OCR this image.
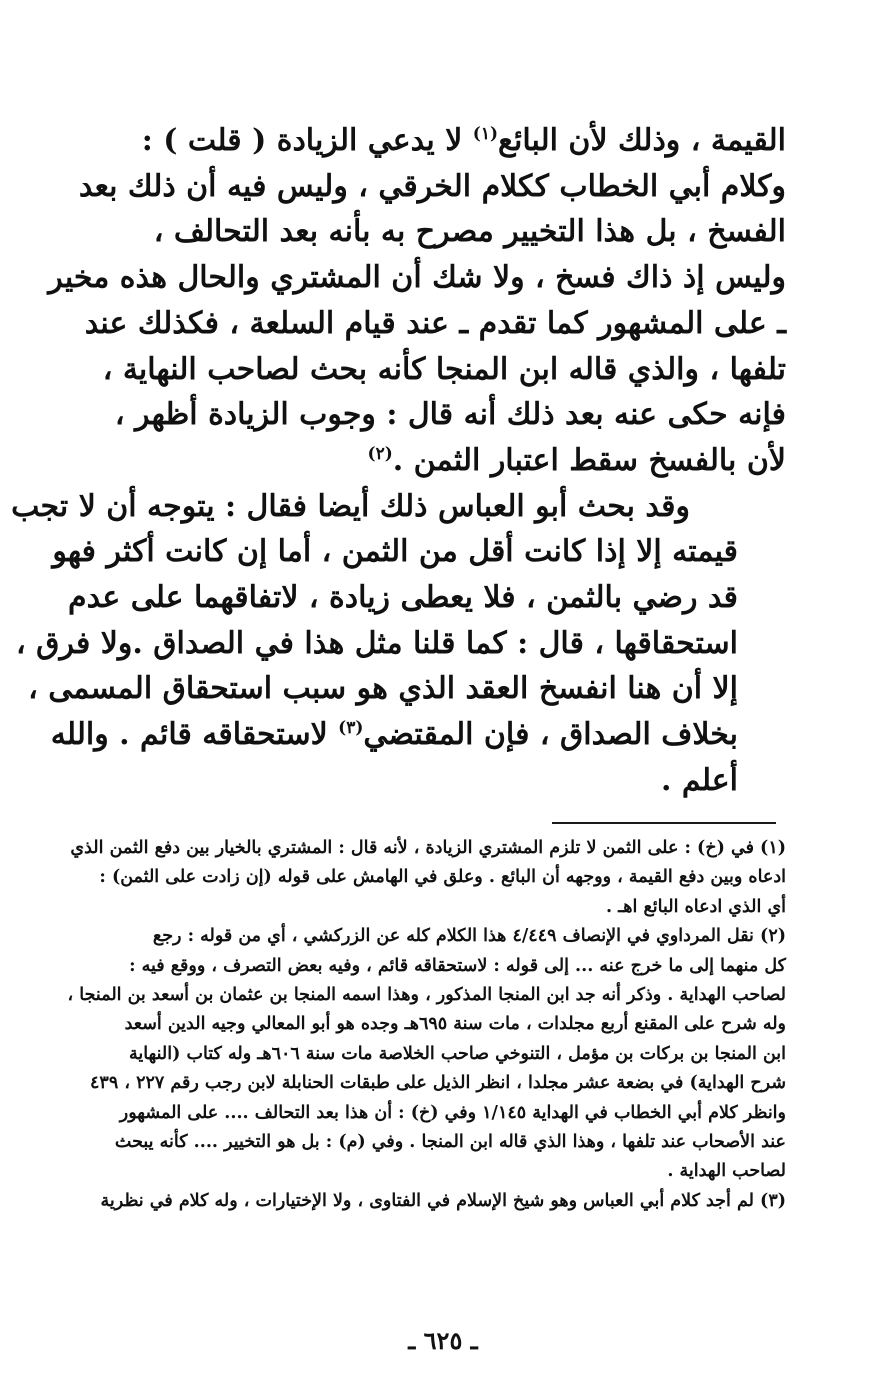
القيمة ، وذلك لأن البائع$^{(١)}$ لا يدعي الزيادة ( قلت ) :
وكلام أبي الخطاب ككلام الخرقي ، وليس فيه أن ذلك بعد
الفسخ ، بل هذا التخيير مصرح به بأنه بعد التحالف ،
وليس إذ ذاك فسخ ، ولا شك أن المشتري والحال هذه مخير
ـ على المشهور كما تقدم ـ عند قيام السلعة ، فكذلك عند
تلفها ، والذي قاله ابن المنجا كأنه بحث لصاحب النهاية ،
فإنه حكى عنه بعد ذلك أنه قال : وجوب الزيادة أظهر ،
لأن بالفسخ سقط اعتبار الثمن .$^{(٢)}$

وقد بحث أبو العباس ذلك أيضا فقال : يتوجه أن لا تجب
قيمته إلا إذا كانت أقل من الثمن ، أما إن كانت أكثر فهو
قد رضي بالثمن ، فلا يعطى زيادة ، لاتفاقهما على عدم
استحقاقها ، قال : كما قلنا مثل هذا في الصداق .ولا فرق ،
إلا أن هنا انفسخ العقد الذي هو سبب استحقاق المسمى ،
بخلاف الصداق ، فإن المقتضي$^{(٣)}$ لاستحقاقه قائم . والله
أعلم .

(١) في (خ) : على الثمن لا تلزم المشتري الزيادة ، لأنه قال : المشتري بالخيار بين دفع الثمن الذي
ادعاه وبين دفع القيمة ، ووجهه أن البائع . وعلق في الهامش على قوله (إن زادت على الثمن) :
أي الذي ادعاه البائع اهـ .
(٢) نقل المرداوي في الإنصاف ٤/٤٤٩ هذا الكلام كله عن الزركشي ، أي من قوله : رجع
كل منهما إلى ما خرج عنه ... إلى قوله : لاستحقاقه قائم ، وفيه بعض التصرف ، ووقع فيه :
لصاحب الهداية . وذكر أنه جد ابن المنجا المذكور ، وهذا اسمه المنجا بن عثمان بن أسعد بن المنجا ،
وله شرح على المقنع أربع مجلدات ، مات سنة ٦٩٥هـ وجده هو أبو المعالي وجيه الدين أسعد
ابن المنجا بن بركات بن مؤمل ، التنوخي صاحب الخلاصة مات سنة ٦٠٦هـ وله كتاب (النهاية
شرح الهداية) في بضعة عشر مجلدا ، انظر الذيل على طبقات الحنابلة لابن رجب رقم ٢٢٧ ، ٤٣٩
وانظر كلام أبي الخطاب في الهداية ١/١٤٥ وفي (خ) : أن هذا بعد التحالف .... على المشهور
عند الأصحاب عند تلفها ، وهذا الذي قاله ابن المنجا . وفي (م) : بل هو التخيير .... كأنه يبحث
لصاحب الهداية .
(٣) لم أجد كلام أبي العباس وهو شيخ الإسلام في الفتاوى ، ولا الإختيارات ، وله كلام في نظرية
ـ ٦٢٥ ـ
